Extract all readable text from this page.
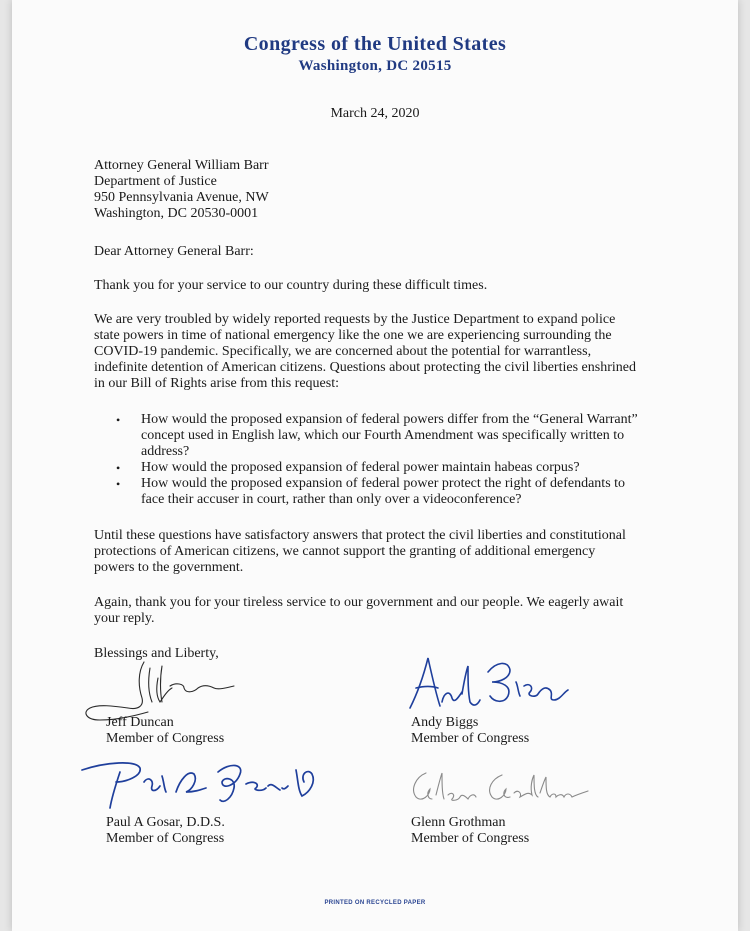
Congress of the United States
Washington, DC 20515
March 24, 2020
Attorney General William Barr
Department of Justice
950 Pennsylvania Avenue, NW
Washington, DC 20530-0001
Dear Attorney General Barr:
Thank you for your service to our country during these difficult times.
We are very troubled by widely reported requests by the Justice Department to expand police
state powers in time of national emergency like the one we are experiencing surrounding the
COVID-19 pandemic. Specifically, we are concerned about the potential for warrantless,
indefinite detention of American citizens. Questions about protecting the civil liberties enshrined
in our Bill of Rights arise from this request:
• How would the proposed expansion of federal powers differ from the “General Warrant”
concept used in English law, which our Fourth Amendment was specifically written to
address?
• How would the proposed expansion of federal power maintain habeas corpus?
• How would the proposed expansion of federal power protect the right of defendants to
face their accuser in court, rather than only over a videoconference?
Until these questions have satisfactory answers that protect the civil liberties and constitutional
protections of American citizens, we cannot support the granting of additional emergency
powers to the government.
Again, thank you for your tireless service to our government and our people. We eagerly await
your reply.
Blessings and Liberty,
Jeff Duncan
Member of Congress
Andy Biggs
Member of Congress
Paul A Gosar, D.D.S.
Member of Congress
Glenn Grothman
Member of Congress
PRINTED ON RECYCLED PAPER
